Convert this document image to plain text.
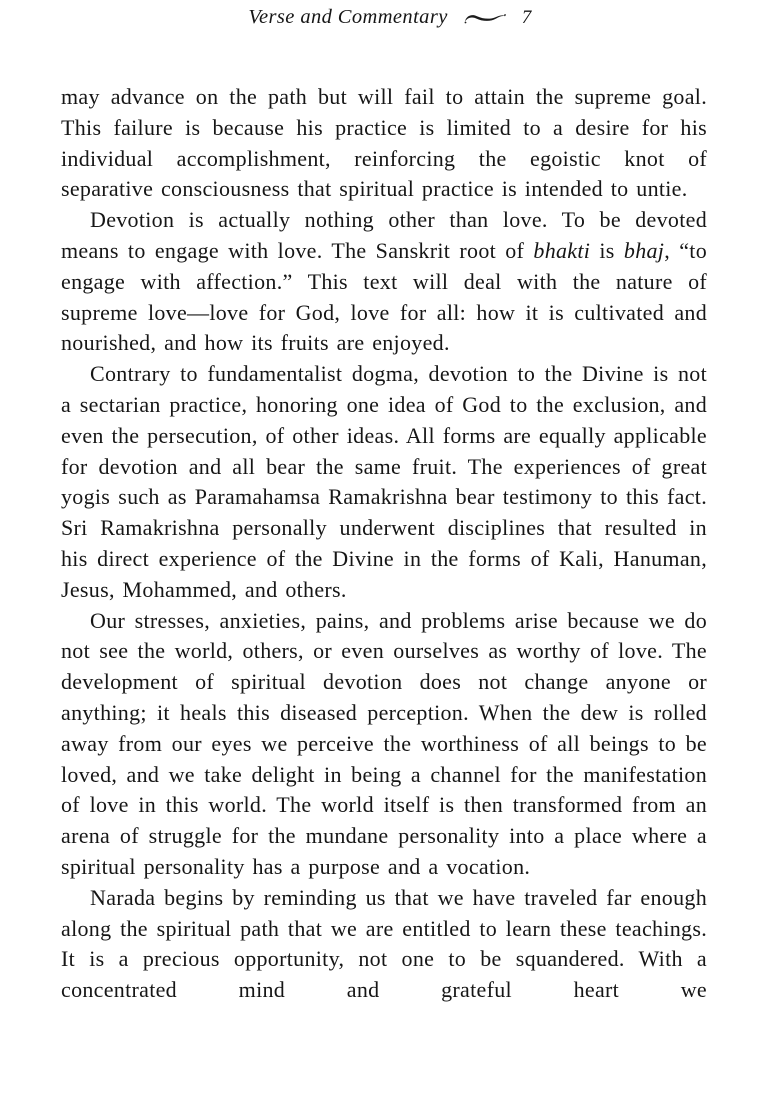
Verse and Commentary	7

may advance on the path but will fail to attain the supreme goal. This failure is because his practice is limited to a desire for his individual accomplishment, reinforcing the egoistic knot of separative consciousness that spiritual practice is intended to untie.

Devotion is actually nothing other than love. To be devoted means to engage with love. The Sanskrit root of bhakti is bhaj, “to engage with affection.” This text will deal with the nature of supreme love—love for God, love for all: how it is cultivated and nourished, and how its fruits are enjoyed.

Contrary to fundamentalist dogma, devotion to the Divine is not a sectarian practice, honoring one idea of God to the exclusion, and even the persecution, of other ideas. All forms are equally applicable for devotion and all bear the same fruit. The experiences of great yogis such as Paramahamsa Ramakrishna bear testimony to this fact. Sri Ramakrishna personally underwent disciplines that resulted in his direct experience of the Divine in the forms of Kali, Hanuman, Jesus, Mohammed, and others.

Our stresses, anxieties, pains, and problems arise because we do not see the world, others, or even ourselves as worthy of love. The development of spiritual devotion does not change anyone or anything; it heals this diseased perception. When the dew is rolled away from our eyes we perceive the worthiness of all beings to be loved, and we take delight in being a channel for the manifestation of love in this world. The world itself is then transformed from an arena of struggle for the mundane personality into a place where a spiritual personality has a purpose and a vocation.

Narada begins by reminding us that we have traveled far enough along the spiritual path that we are entitled to learn these teachings. It is a precious opportunity, not one to be squandered. With a concentrated mind and grateful heart we
